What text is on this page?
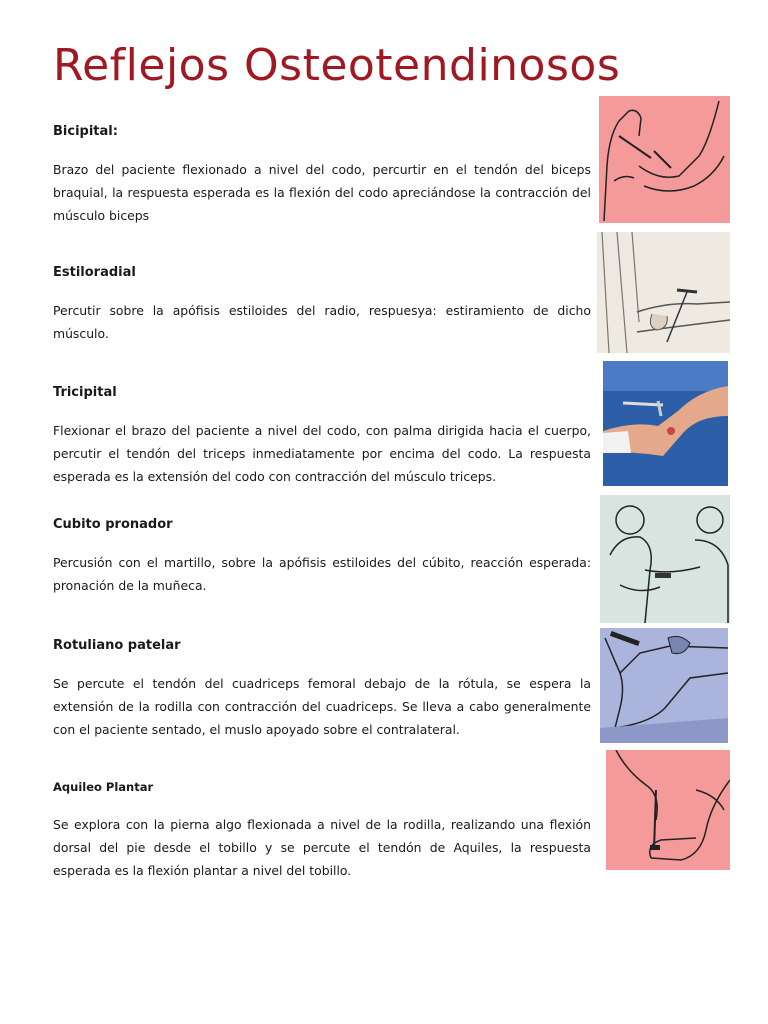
Reflejos Osteotendinosos
Bicipital:

Brazo del paciente flexionado a nivel del codo, percurtir en el tendón del biceps braquial, la respuesta esperada es la flexión del codo apreciándose la contracción del músculo biceps

Estiloradial

Percutir sobre la apófisis estiloides del radio, respuesya: estiramiento de dicho músculo.

Tricipital

Flexionar el brazo del paciente a nivel del codo, con palma dirigida hacia el cuerpo, percutir el tendón del triceps inmediatamente por encima del codo. La respuesta esperada es la extensión del codo con contracción del músculo triceps.

Cubito pronador

Percusión con el martillo, sobre la apófisis estiloides del cúbito, reacción esperada: pronación de la muñeca.

Rotuliano patelar

Se percute el tendón del cuadriceps femoral debajo de la rótula, se espera la extensión de la rodilla con contracción del cuadriceps. Se lleva a cabo generalmente con el paciente sentado, el muslo apoyado sobre el contralateral.

Aquileo Plantar

Se explora con la pierna algo flexionada a nivel de la rodilla, realizando una flexión dorsal del pie desde el tobillo y se percute el tendón de Aquiles, la respuesta esperada es la flexión plantar a nivel del tobillo.
